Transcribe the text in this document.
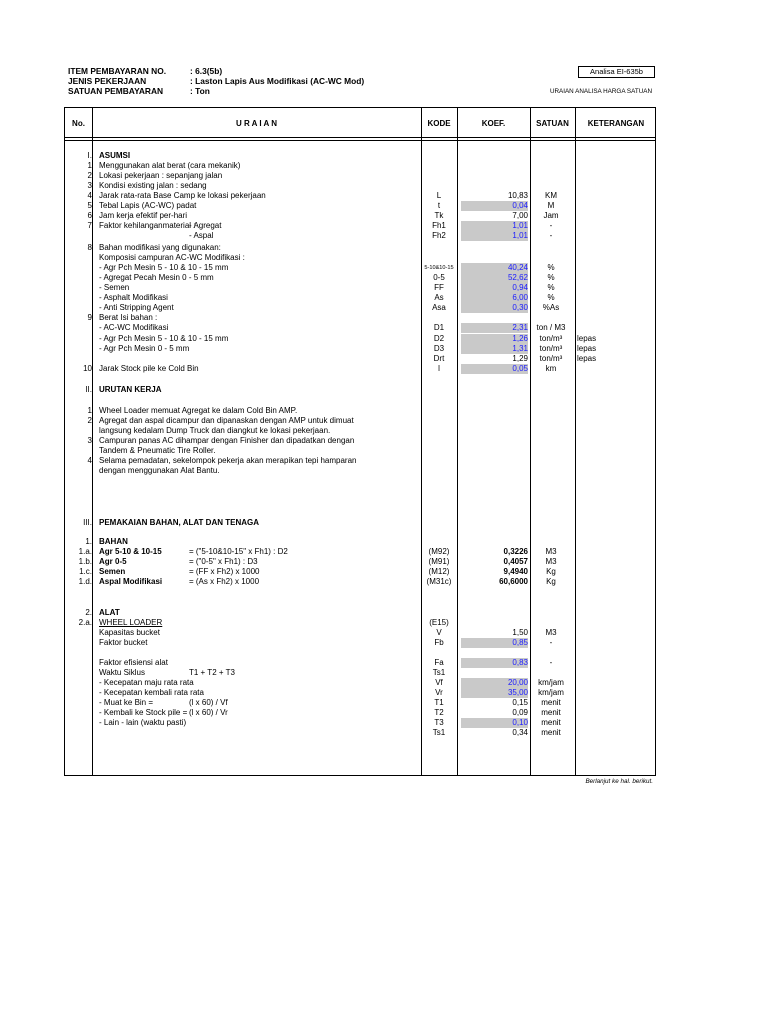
ITEM PEMBAYARAN NO.	: 6.3(5b)
JENIS PEKERJAAN	: Laston Lapis Aus Modifikasi (AC-WC Mod)
SATUAN PEMBAYARAN	: Ton
Analisa EI-635b
URAIAN ANALISA HARGA SATUAN
No.	U R A I A N	KODE	KOEF.	SATUAN	KETERANGAN
I. ASUMSI
1 Menggunakan alat berat (cara mekanik)
2 Lokasi pekerjaan : sepanjang jalan
3 Kondisi existing jalan : sedang
4 Jarak rata-rata Base Camp ke lokasi pekerjaan	L	10,83	KM
5 Tebal Lapis (AC-WC) padat	t	0,04	M
6 Jam kerja efektif per-hari	Tk	7,00	Jam
7 Faktor kehilanganmaterial :
- Agregat	Fh1	1,01	-
- Aspal	Fh2	1,01	-
8 Bahan modifikasi yang digunakan:
Komposisi campuran AC-WC Modifikasi :
- Agr Pch Mesin 5 - 10 & 10 - 15 mm	5-10&10-15	40,24	%
- Agregat Pecah Mesin 0 - 5 mm	0-5	52,62	%
- Semen	FF	0,94	%
- Asphalt Modifikasi	As	6,00	%
- Anti Stripping Agent	Asa	0,30	%As
9 Berat Isi bahan :
- AC-WC Modifikasi	D1	2,31	ton / M3
- Agr Pch Mesin 5 - 10 & 10 - 15 mm	D2	1,26	ton/m³	lepas
- Agr Pch Mesin 0 - 5 mm	D3	1,31	ton/m³	lepas
Drt	1,29	ton/m³	lepas
10 Jarak Stock pile ke Cold Bin	l	0,05	km
II. URUTAN KERJA
1 Wheel Loader memuat Agregat ke dalam Cold Bin AMP.
2 Agregat dan aspal dicampur dan dipanaskan dengan AMP untuk dimuat
langsung kedalam Dump Truck dan diangkut ke lokasi pekerjaan.
3 Campuran panas AC dihampar dengan Finisher dan dipadatkan dengan
Tandem & Pneumatic Tire Roller.
4 Selama pemadatan, sekelompok pekerja akan merapikan tepi hamparan
dengan menggunakan Alat Bantu.
III. PEMAKAIAN BAHAN, ALAT DAN TENAGA
1. BAHAN
1.a. Agr 5-10 & 10-15	= ("5-10&10-15" x Fh1) : D2	(M92)	0,3226	M3
1.b. Agr 0-5	= ("0-5" x Fh1) : D3	(M91)	0,4057	M3
1.c. Semen	= (FF x Fh2) x 1000	(M12)	9,4940	Kg
1.d. Aspal Modifikasi	= (As x Fh2) x 1000	(M31c)	60,6000	Kg
2. ALAT
2.a. WHEEL LOADER	(E15)
Kapasitas bucket	V	1,50	M3
Faktor bucket	Fb	0,85	-
Faktor efisiensi alat	Fa	0,83	-
Waktu Siklus	T1 + T2 + T3	Ts1
- Kecepatan maju rata rata	Vf	20,00	km/jam
- Kecepatan kembali rata rata	Vr	35,00	km/jam
- Muat ke Bin =	(l x 60) / Vf	T1	0,15	menit
- Kembali ke Stock pile = (l x 60) / Vr	T2	0,09	menit
- Lain - lain (waktu pasti)	T3	0,10	menit
Ts1	0,34	menit
Berlanjut ke hal. berikut.
